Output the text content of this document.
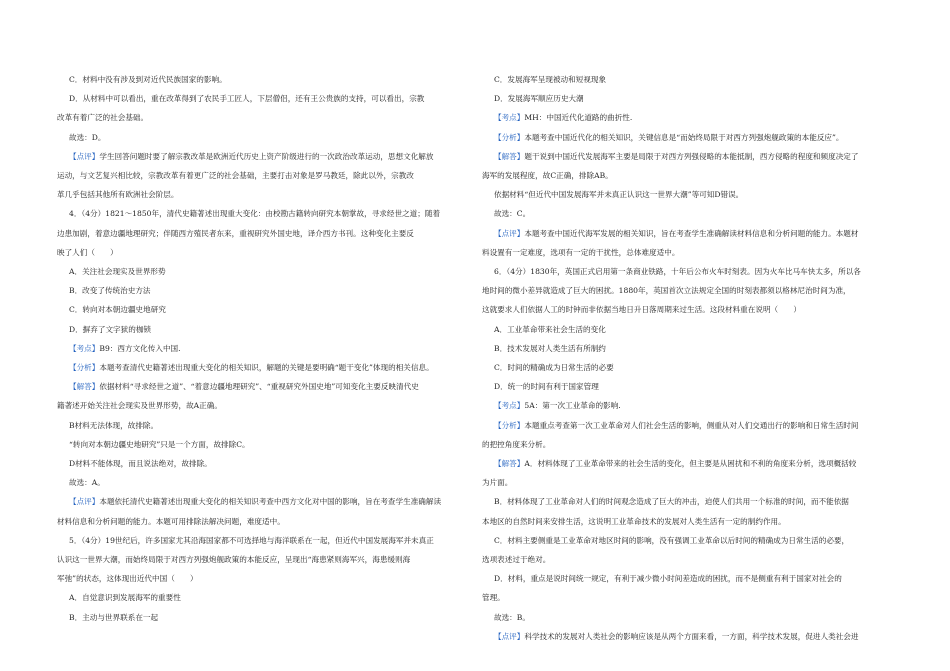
C．材料中没有涉及到对近代民族国家的影响。
D．从材料中可以看出，重在改革得到了农民手工匠人，下层僧侣，还有王公贵族的支持，可以看出，宗教
改革有着广泛的社会基础。
故选：D。
【点评】学生回答问题时要了解宗教改革是欧洲近代历史上资产阶级进行的一次政治改革运动，思想文化解放
运动，与文艺复兴相比较，宗教改革有着更广泛的社会基础，主要打击对象是罗马教廷，除此以外，宗教改
革几乎包括其他所有欧洲社会阶层。
4．（4分）1821～1850年，清代史籍著述出现重大变化：由校勘古籍转向研究本朝掌故，寻求经世之道；随着
边患加剧，着意边疆地理研究；伴随西方殖民者东来，重视研究外国史地，译介西方书刊。这种变化主要反
映了人们（　　）
A．关注社会现实及世界形势
B．改变了传统治史方法
C．转向对本朝边疆史地研究
D．摒弃了文字狱的枷锁
【考点】B9：西方文化传入中国.
【分析】本题考查清代史籍著述出现重大变化的相关知识，解题的关键是要明确“题干变化”体现的相关信息。
【解答】依据材料“寻求经世之道”、“着意边疆地理研究”、“重视研究外国史地”可知变化主要反映清代史
籍著述开始关注社会现实及世界形势，故A正确。
B材料无法体现，故排除。
“转向对本朝边疆史地研究”只是一个方面，故排除C。
D材料不能体现，而且说法绝对，故排除。
故选：A。
【点评】本题依托清代史籍著述出现重大变化的相关知识考查中西方文化对中国的影响，旨在考查学生准确解读
材料信息和分析问题的能力。本题可用排除法解决问题，难度适中。
5．（4分）19世纪后，许多国家尤其沿海国家都不可选择地与海洋联系在一起，但近代中国发展海军并未真正
认识这一世界大潮，而始终局限于对西方列强炮舰政策的本能反应，呈现出“海患紧则海军兴，海患缓则海
军弛”的状态，这体现出近代中国（　　）
A．自觉意识到发展海军的重要性
B．主动与世界联系在一起
C．发展海军呈现被动和短视现象
D．发展海军顺应历史大潮
【考点】MH：中国近代化道路的曲折性.
【分析】本题考查中国近代化的相关知识，关键信息是“而始终局限于对西方列强炮舰政策的本能反应”。
【解答】题干说到中国近代发展海军主要是局限于对西方列强侵略的本能抵制，西方侵略的程度和频度决定了
海军的发展程度，故C正确，排除AB。
依据材料“但近代中国发展海军并未真正认识这一世界大潮”等可知D错误。
故选：C。
【点评】本题考查中国近代海军发展的相关知识，旨在考查学生准确解读材料信息和分析问题的能力。本题材
料设置有一定难度，选项有一定的干扰性，总体难度适中。
6．（4分）1830年，英国正式启用第一条商业铁路，十年后公布火车时刻表。因为火车比马车快太多，所以各
地时间的微小差异就造成了巨大的困扰。1880年，英国首次立法规定全国的时刻表都须以格林尼治时间为准，
这就要求人们依据人工的时钟而非依据当地日升日落周期来过生活。这段材料重在说明（　　）
A．工业革命带来社会生活的变化
B．技术发展对人类生活有所制约
C．时间的精确成为日常生活的必要
D．统一的时间有利于国家管理
【考点】5A：第一次工业革命的影响.
【分析】本题重点考查第一次工业革命对人们社会生活的影响，侧重从对人们交通出行的影响和日常生活时间
的把控角度来分析。
【解答】A．材料体现了工业革命带来的社会生活的变化，但主要是从困扰和不利的角度来分析，选项概括较
为片面。
B．材料体现了工业革命对人们的时间观念造成了巨大的冲击，迫使人们共用一个标准的时间，而不能依据
本地区的自然时间来安排生活，这说明工业革命技术的发展对人类生活有一定的制约作用。
C．材料主要侧重是工业革命对地区时间的影响，没有强调工业革命以后时间的精确成为日常生活的必要，
选项表述过于绝对。
D．材料，重点是说时间统一规定，有利于减少微小时间差造成的困扰，而不是侧重有利于国家对社会的
管理。
故选：B。
【点评】科学技术的发展对人类社会的影响应该是从两个方面来看，一方面，科学技术发展，促进人类社会进
